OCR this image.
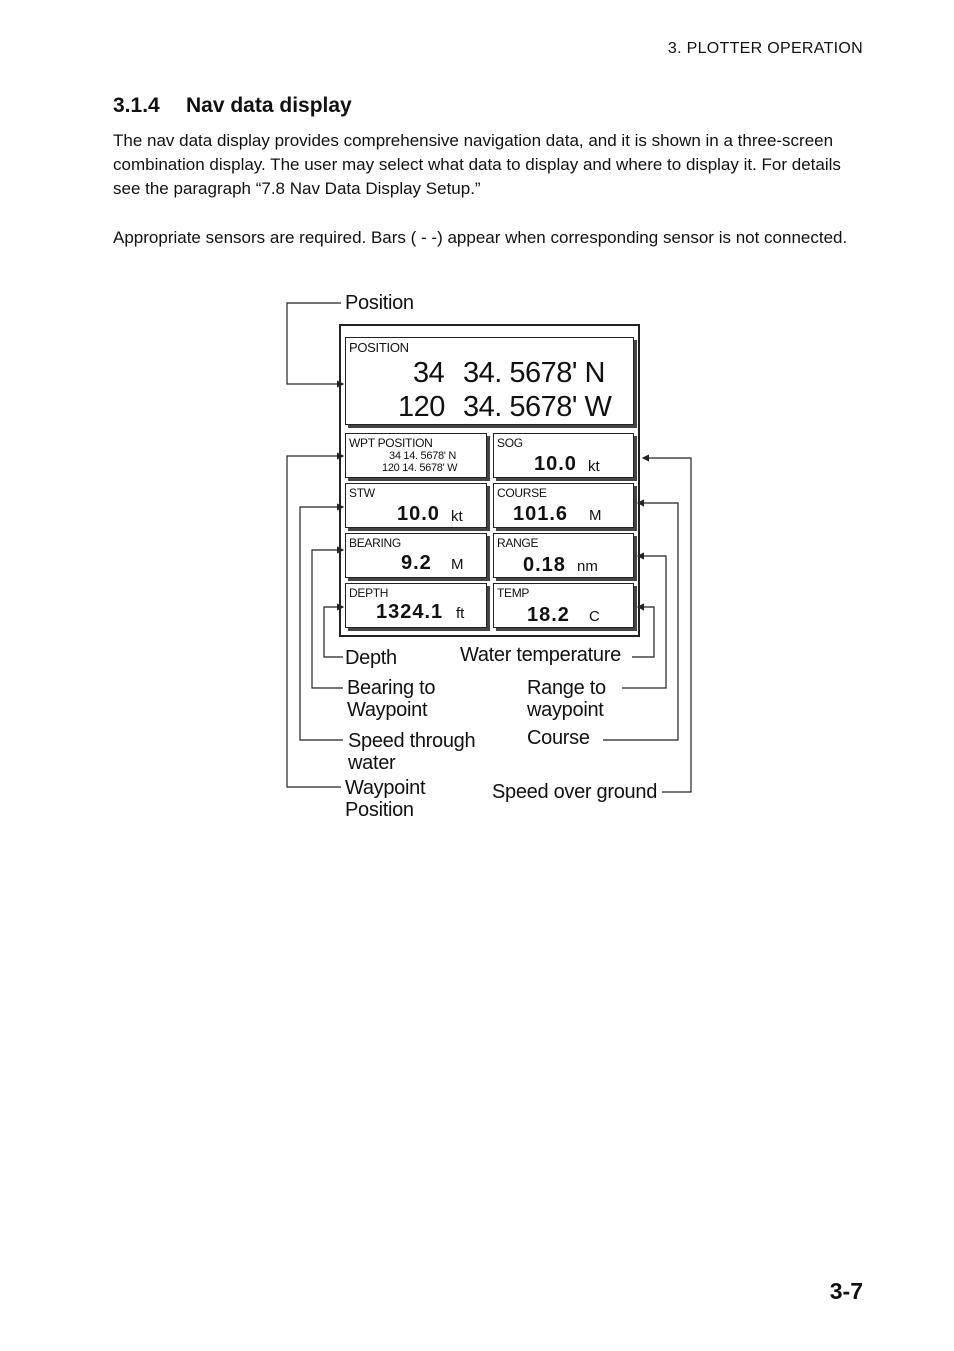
3. PLOTTER OPERATION
3.1.4 Nav data display
The nav data display provides comprehensive navigation data, and it is shown in a three-screen combination display. The user may select what data to display and where to display it. For details see the paragraph “7.8 Nav Data Display Setup.”
Appropriate sensors are required. Bars ( - -) appear when corresponding sensor is not connected.
POSITION
34 34. 5678' N
120 34. 5678' W
WPT POSITION
34 14. 5678' N
120 14. 5678' W
SOG
10.0 kt
STW
10.0 kt
COURSE
101.6 M
BEARING
9.2 M
RANGE
0.18 nm
DEPTH
1324.1 ft
TEMP
18.2 C
Position
Depth	Water temperature
Bearing to
Waypoint
Range to
waypoint
Speed through
water
Course
Waypoint
Position
Speed over ground
3-7
